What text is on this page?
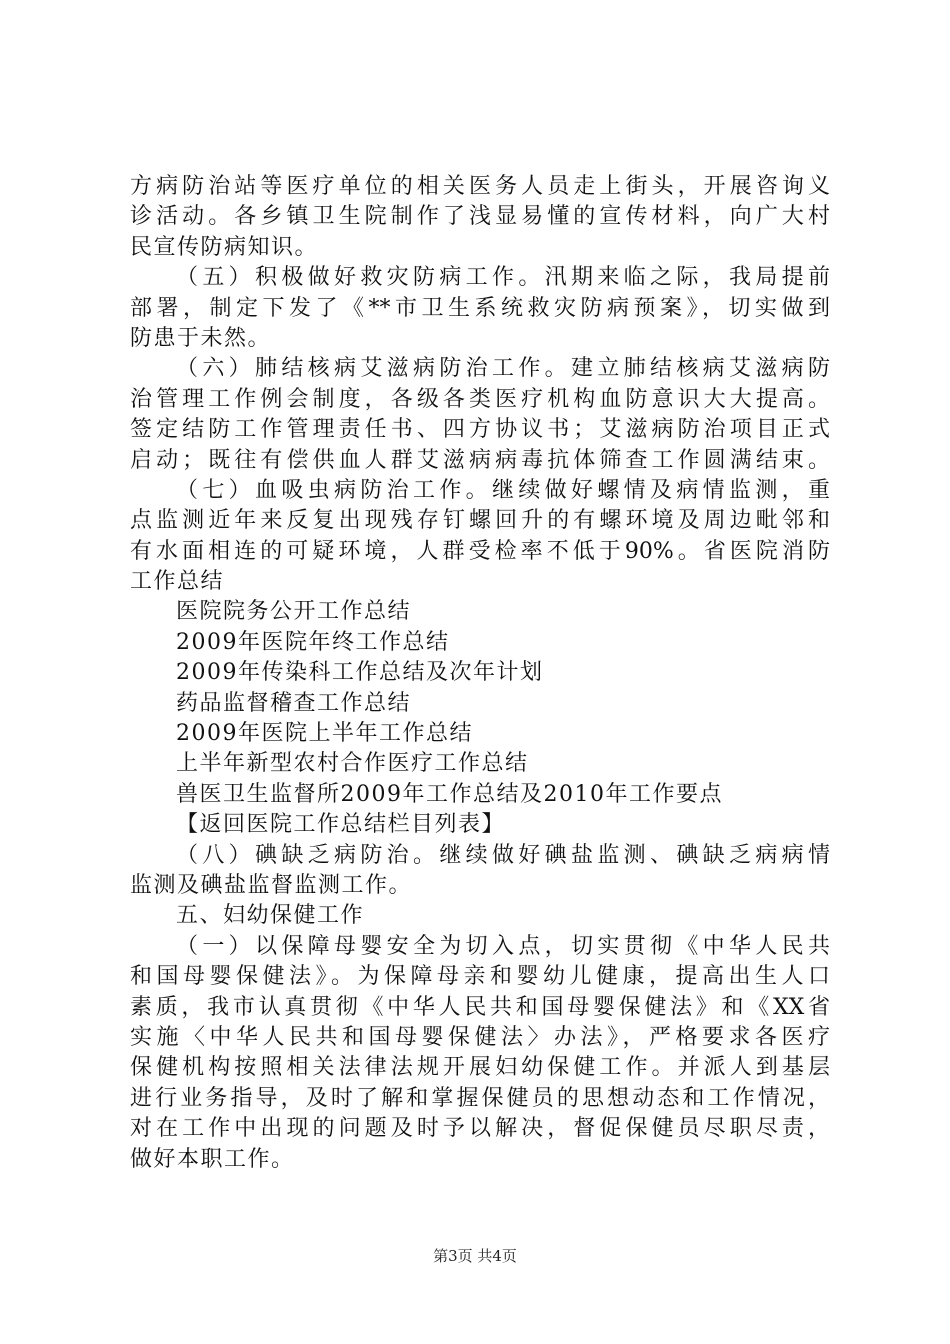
方病防治站等医疗单位的相关医务人员走上街头，开展咨询义
诊活动。各乡镇卫生院制作了浅显易懂的宣传材料，向广大村
民宣传防病知识。
（五）积极做好救灾防病工作。汛期来临之际，我局提前
部署，制定下发了《**市卫生系统救灾防病预案》，切实做到
防患于未然。
（六）肺结核病艾滋病防治工作。建立肺结核病艾滋病防
治管理工作例会制度，各级各类医疗机构血防意识大大提高。
签定结防工作管理责任书、四方协议书；艾滋病防治项目正式
启动；既往有偿供血人群艾滋病病毒抗体筛查工作圆满结束。
（七）血吸虫病防治工作。继续做好螺情及病情监测，重
点监测近年来反复出现残存钉螺回升的有螺环境及周边毗邻和
有水面相连的可疑环境，人群受检率不低于90%。省医院消防
工作总结
医院院务公开工作总结
2009年医院年终工作总结
2009年传染科工作总结及次年计划
药品监督稽查工作总结
2009年医院上半年工作总结
上半年新型农村合作医疗工作总结
兽医卫生监督所2009年工作总结及2010年工作要点
【返回医院工作总结栏目列表】
（八）碘缺乏病防治。继续做好碘盐监测、碘缺乏病病情
监测及碘盐监督监测工作。
五、妇幼保健工作
（一）以保障母婴安全为切入点，切实贯彻《中华人民共
和国母婴保健法》。为保障母亲和婴幼儿健康，提高出生人口
素质，我市认真贯彻《中华人民共和国母婴保健法》和《XX省
实施〈中华人民共和国母婴保健法〉办法》，严格要求各医疗
保健机构按照相关法律法规开展妇幼保健工作。并派人到基层
进行业务指导，及时了解和掌握保健员的思想动态和工作情况，
对在工作中出现的问题及时予以解决，督促保健员尽职尽责，
做好本职工作。
第3页 共4页
